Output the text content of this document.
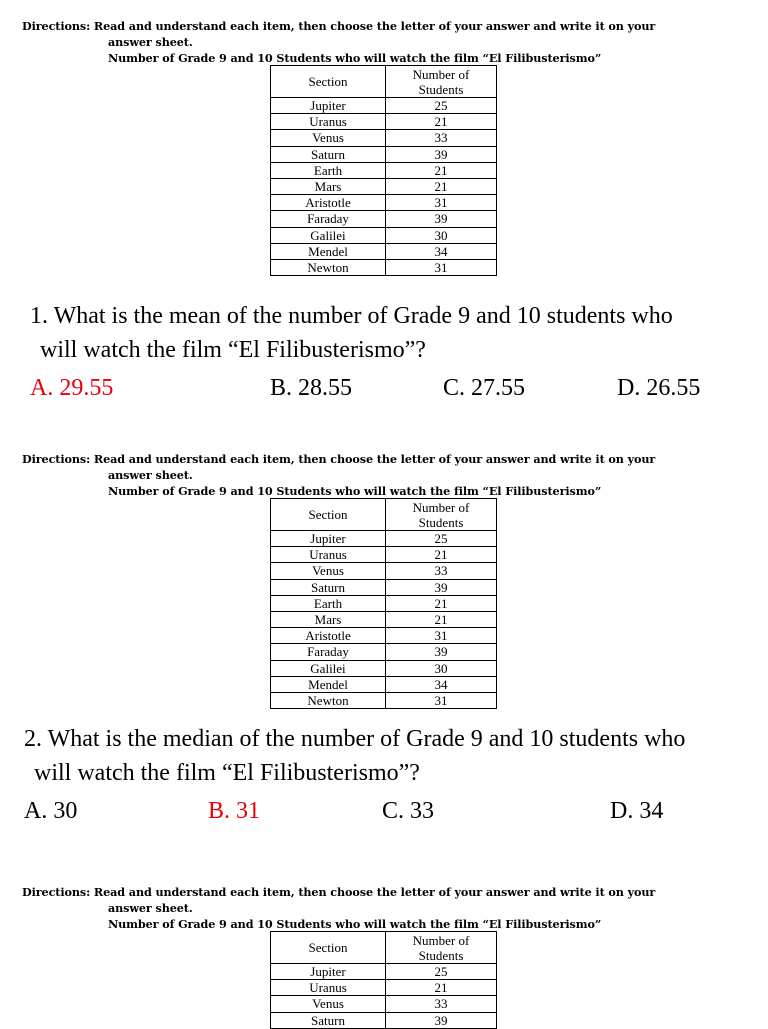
Directions: Read and understand each item, then choose the letter of your answer and write it on your
answer sheet.
Number of Grade 9 and 10 Students who will watch the film “El Filibusterismo”
Section	Number of
Students
Jupiter	25
Uranus	21
Venus	33
Saturn	39
Earth	21
Mars	21
Aristotle	31
Faraday	39
Galilei	30
Mendel	34
Newton	31
1. What is the mean of the number of Grade 9 and 10 students who
will watch the film “El Filibusterismo”?
A. 29.55	B. 28.55	C. 27.55	D. 26.55
Directions: Read and understand each item, then choose the letter of your answer and write it on your
answer sheet.
Number of Grade 9 and 10 Students who will watch the film “El Filibusterismo”
Section	Number of
Students
Jupiter	25
Uranus	21
Venus	33
Saturn	39
Earth	21
Mars	21
Aristotle	31
Faraday	39
Galilei	30
Mendel	34
Newton	31
2. What is the median of the number of Grade 9 and 10 students who
will watch the film “El Filibusterismo”?
A. 30	B. 31	C. 33	D. 34
Directions: Read and understand each item, then choose the letter of your answer and write it on your
answer sheet.
Number of Grade 9 and 10 Students who will watch the film “El Filibusterismo”
Section	Number of
Students
Jupiter	25
Uranus	21
Venus	33
Saturn	39
